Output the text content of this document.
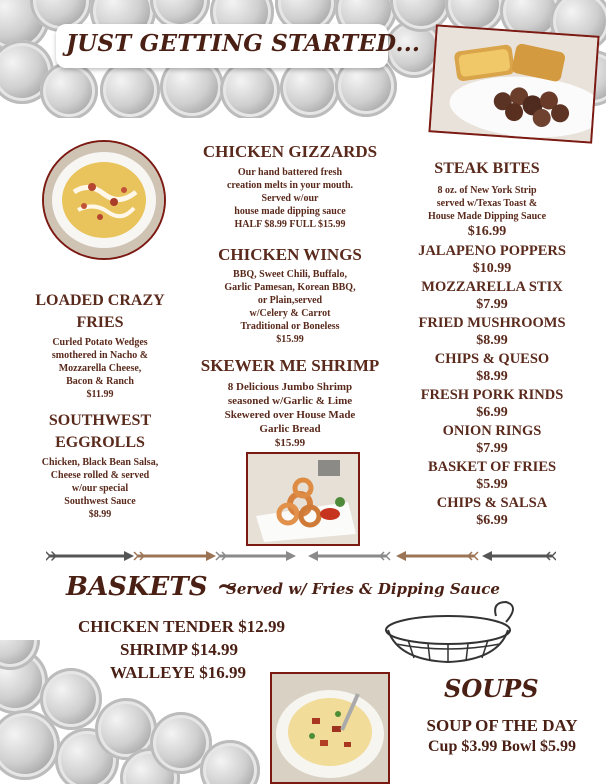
JUST GETTING STARTED...
CHICKEN GIZZARDS
Our hand battered fresh
creation melts in your mouth.
Served w/our
house made dipping sauce
HALF $8.99 FULL $15.99
CHICKEN WINGS
BBQ, Sweet Chili, Buffalo,
Garlic Pamesan, Korean BBQ,
or Plain,served
w/Celery & Carrot
Traditional or Boneless
$15.99
SKEWER ME SHRIMP
8 Delicious Jumbo Shrimp
seasoned w/Garlic & Lime
Skewered over House Made
Garlic Bread
$15.99
LOADED CRAZY
FRIES
Curled Potato Wedges
smothered in Nacho &
Mozzarella Cheese,
Bacon & Ranch
$11.99
SOUTHWEST
EGGROLLS
Chicken, Black Bean Salsa,
Cheese rolled & served
w/our special
Southwest Sauce
$8.99
STEAK BITES
8 oz. of New York Strip
served w/Texas Toast &
House Made Dipping Sauce
$16.99
JALAPENO POPPERS
$10.99
MOZZARELLA STIX
$7.99
FRIED MUSHROOMS
$8.99
CHIPS & QUESO
$8.99
FRESH PORK RINDS
$6.99
ONION RINGS
$7.99
BASKET OF FRIES
$5.99
CHIPS & SALSA
$6.99
BASKETS ~
Served w/ Fries & Dipping Sauce
CHICKEN TENDER $12.99
SHRIMP $14.99
WALLEYE $16.99
SOUPS
SOUP OF THE DAY
Cup $3.99 Bowl $5.99
